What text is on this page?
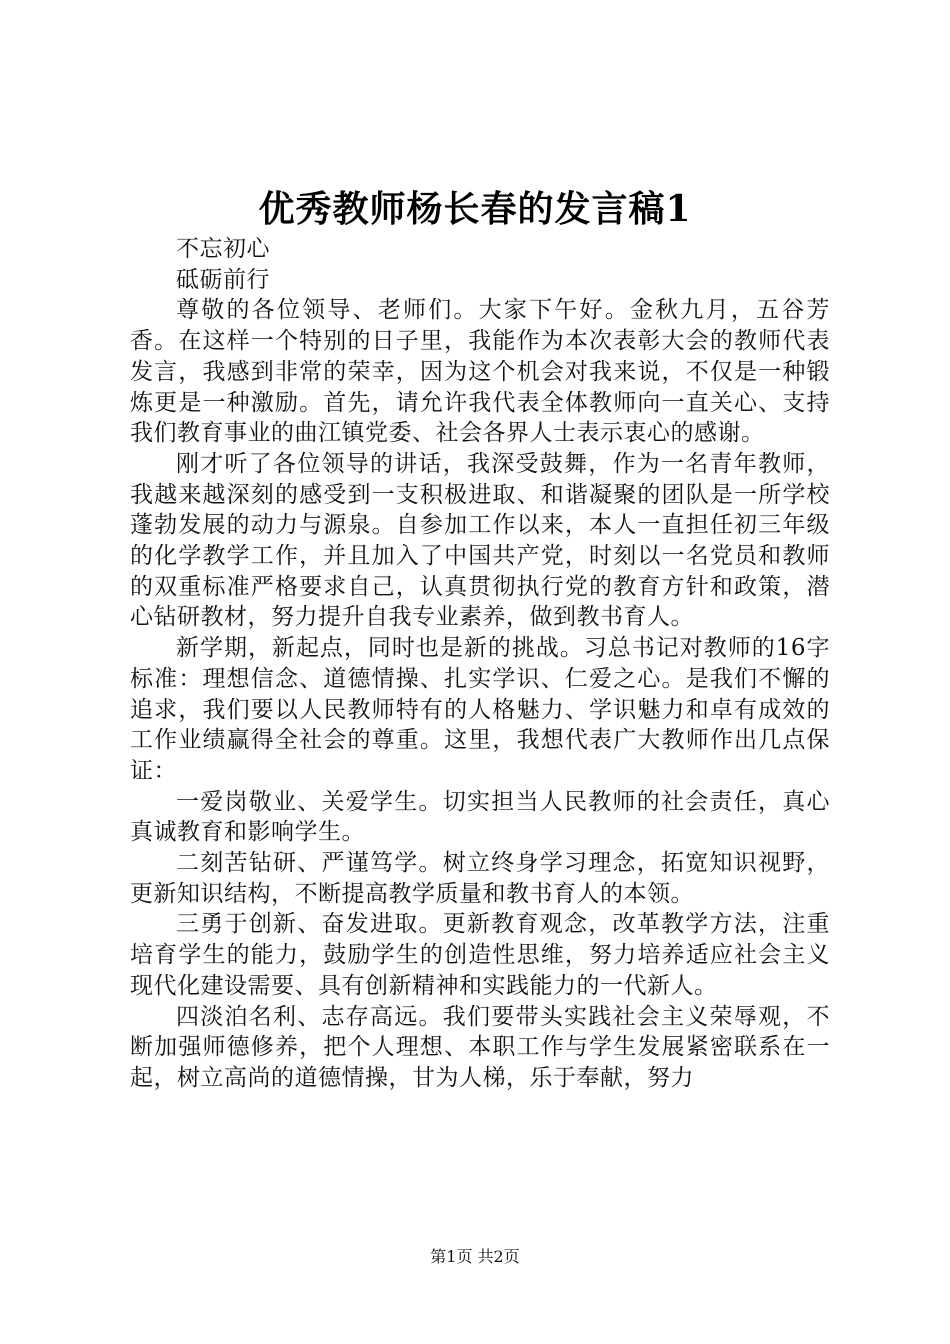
优秀教师杨长春的发言稿1

不忘初心

砥砺前行

尊敬的各位领导、老师们。大家下午好。金秋九月，五谷芳香。在这样一个特别的日子里，我能作为本次表彰大会的教师代表发言，我感到非常的荣幸，因为这个机会对我来说，不仅是一种锻炼更是一种激励。首先，请允许我代表全体教师向一直关心、支持我们教育事业的曲江镇党委、社会各界人士表示衷心的感谢。

刚才听了各位领导的讲话，我深受鼓舞，作为一名青年教师，我越来越深刻的感受到一支积极进取、和谐凝聚的团队是一所学校蓬勃发展的动力与源泉。自参加工作以来，本人一直担任初三年级的化学教学工作，并且加入了中国共产党，时刻以一名党员和教师的双重标准严格要求自己，认真贯彻执行党的教育方针和政策，潜心钻研教材，努力提升自我专业素养，做到教书育人。

新学期，新起点，同时也是新的挑战。习总书记对教师的16字标准：理想信念、道德情操、扎实学识、仁爱之心。是我们不懈的追求，我们要以人民教师特有的人格魅力、学识魅力和卓有成效的工作业绩赢得全社会的尊重。这里，我想代表广大教师作出几点保证：

一爱岗敬业、关爱学生。切实担当人民教师的社会责任，真心真诚教育和影响学生。

二刻苦钻研、严谨笃学。树立终身学习理念，拓宽知识视野，更新知识结构，不断提高教学质量和教书育人的本领。

三勇于创新、奋发进取。更新教育观念，改革教学方法，注重培育学生的能力，鼓励学生的创造性思维，努力培养适应社会主义现代化建设需要、具有创新精神和实践能力的一代新人。

四淡泊名利、志存高远。我们要带头实践社会主义荣辱观，不断加强师德修养，把个人理想、本职工作与学生发展紧密联系在一起，树立高尚的道德情操，甘为人梯，乐于奉献，努力

第1页 共2页
